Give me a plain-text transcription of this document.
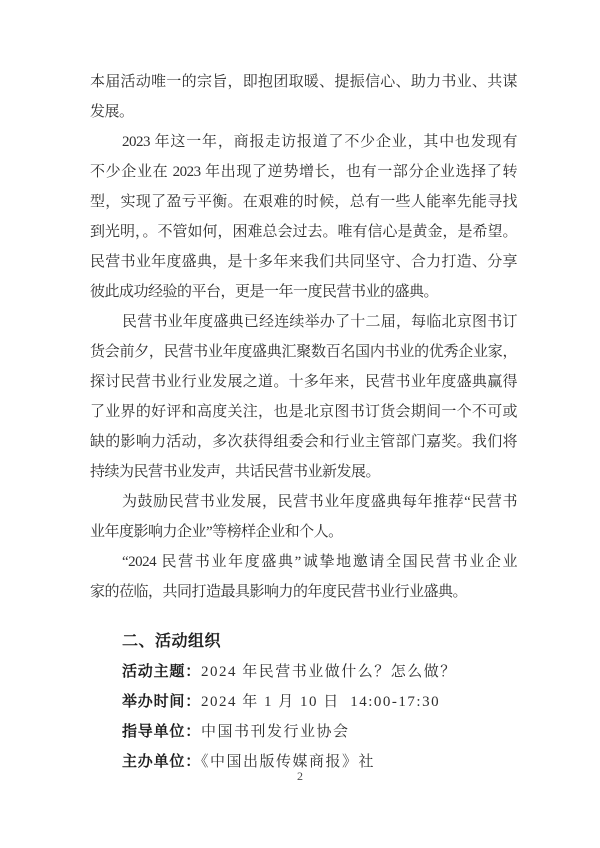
本届活动唯一的宗旨，即抱团取暖、提振信心、助力书业、共谋
发展。
2023 年这一年，商报走访报道了不少企业，其中也发现有
不少企业在 2023 年出现了逆势增长，也有一部分企业选择了转
型，实现了盈亏平衡。在艰难的时候，总有一些人能率先能寻找
到光明，。不管如何，困难总会过去。唯有信心是黄金，是希望。
民营书业年度盛典，是十多年来我们共同坚守、合力打造、分享
彼此成功经验的平台，更是一年一度民营书业的盛典。
民营书业年度盛典已经连续举办了十二届，每临北京图书订
货会前夕，民营书业年度盛典汇聚数百名国内书业的优秀企业家，
探讨民营书业行业发展之道。十多年来，民营书业年度盛典赢得
了业界的好评和高度关注，也是北京图书订货会期间一个不可或
缺的影响力活动，多次获得组委会和行业主管部门嘉奖。我们将
持续为民营书业发声，共话民营书业新发展。
为鼓励民营书业发展，民营书业年度盛典每年推荐“民营书
业年度影响力企业”等榜样企业和个人。
“2024 民营书业年度盛典”诚挚地邀请全国民营书业企业
家的莅临，共同打造最具影响力的年度民营书业行业盛典。
二、活动组织
活动主题：2024 年民营书业做什么？怎么做？
举办时间：2024 年 1 月 10 日  14:00-17:30
指导单位：中国书刊发行业协会
主办单位：《中国出版传媒商报》社
2
